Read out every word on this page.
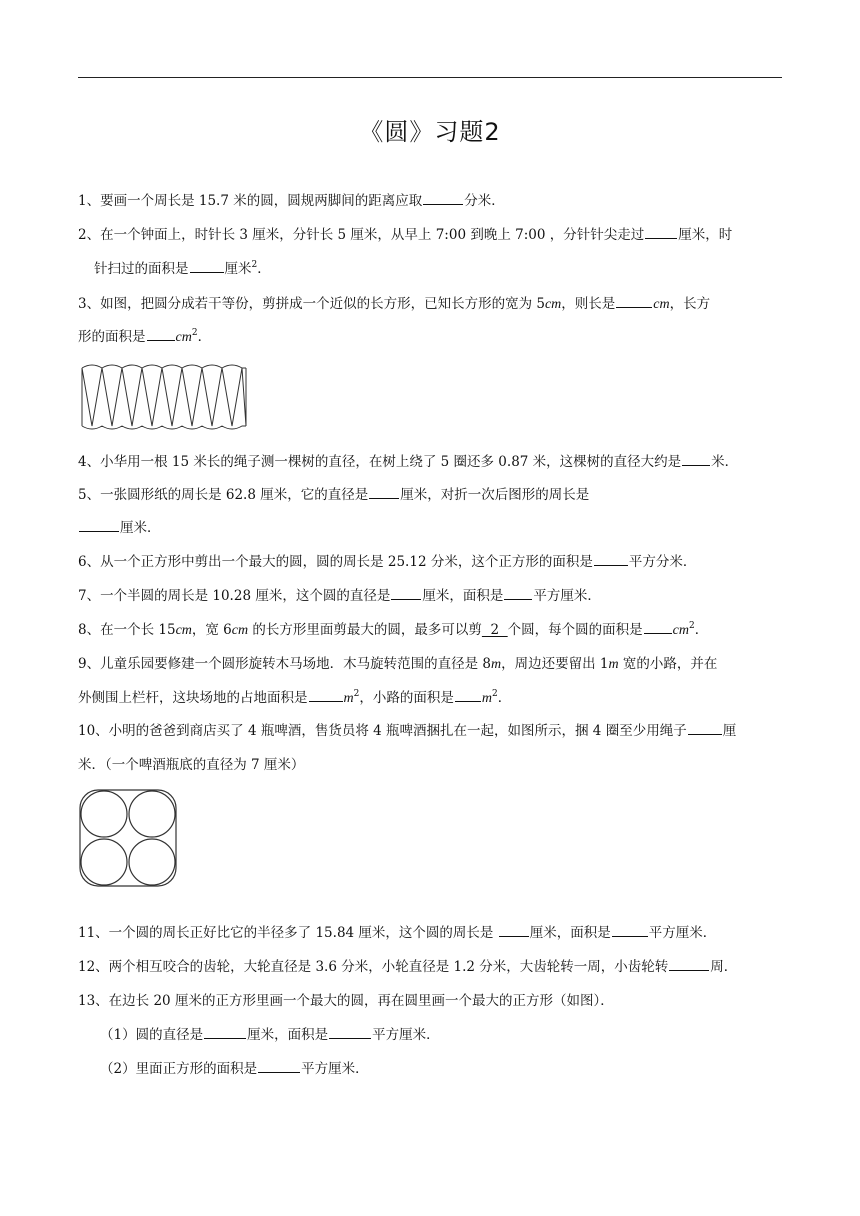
《圆》习题2
1、要画一个周长是 15.7 米的圆，圆规两脚间的距离应取	分米．
2、在一个钟面上，时针长 3 厘米，分针长 5 厘米，从早上 7:00 到晚上 7:00 ，分针针尖走过	厘米，时
针扫过的面积是	厘米$^2$．
3、如图，把圆分成若干等份，剪拼成一个近似的长方形，已知长方形的宽为 5cm，则长是	cm，长方
形的面积是 $cm^2$．
4、小华用一根 15 米长的绳子测一棵树的直径，在树上绕了 5 圈还多 0.87 米，这棵树的直径大约是 米．
5、一张圆形纸的周长是 62.8 厘米，它的直径是 厘米，对折一次后图形的周长是
厘米．
6、从一个正方形中剪出一个最大的圆，圆的周长是 25.12 分米，这个正方形的面积是	平方分米．
7、一个半圆的周长是 10.28 厘米，这个圆的直径是 厘米，面积是 平方厘米．
8、在一个长 15cm，宽 6cm 的长方形里面剪最大的圆，最多可以剪  2  个圆，每个圆的面积是 $cm^2$．
9、儿童乐园要修建一个圆形旋转木马场地．木马旋转范围的直径是 8m，周边还要留出 1m 宽的小路，并在
外侧围上栏杆，这块场地的占地面积是	$m^2$，小路的面积是 $m^2$．
10、小明的爸爸到商店买了 4 瓶啤酒，售货员将 4 瓶啤酒捆扎在一起，如图所示，捆 4 圈至少用绳子	厘
米．（一个啤酒瓶底的直径为 7 厘米）
11、一个圆的周长正好比它的半径多了 15.84 厘米，这个圆的周长是 厘米，面积是	平方厘米．
12、两个相互咬合的齿轮，大轮直径是 3.6 分米，小轮直径是 1.2 分米，大齿轮转一周，小齿轮转	周．
13、在边长 20 厘米的正方形里画一个最大的圆，再在圆里画一个最大的正方形（如图）．
（1）圆的直径是	厘米，面积是	平方厘米．
（2）里面正方形的面积是	平方厘米．
